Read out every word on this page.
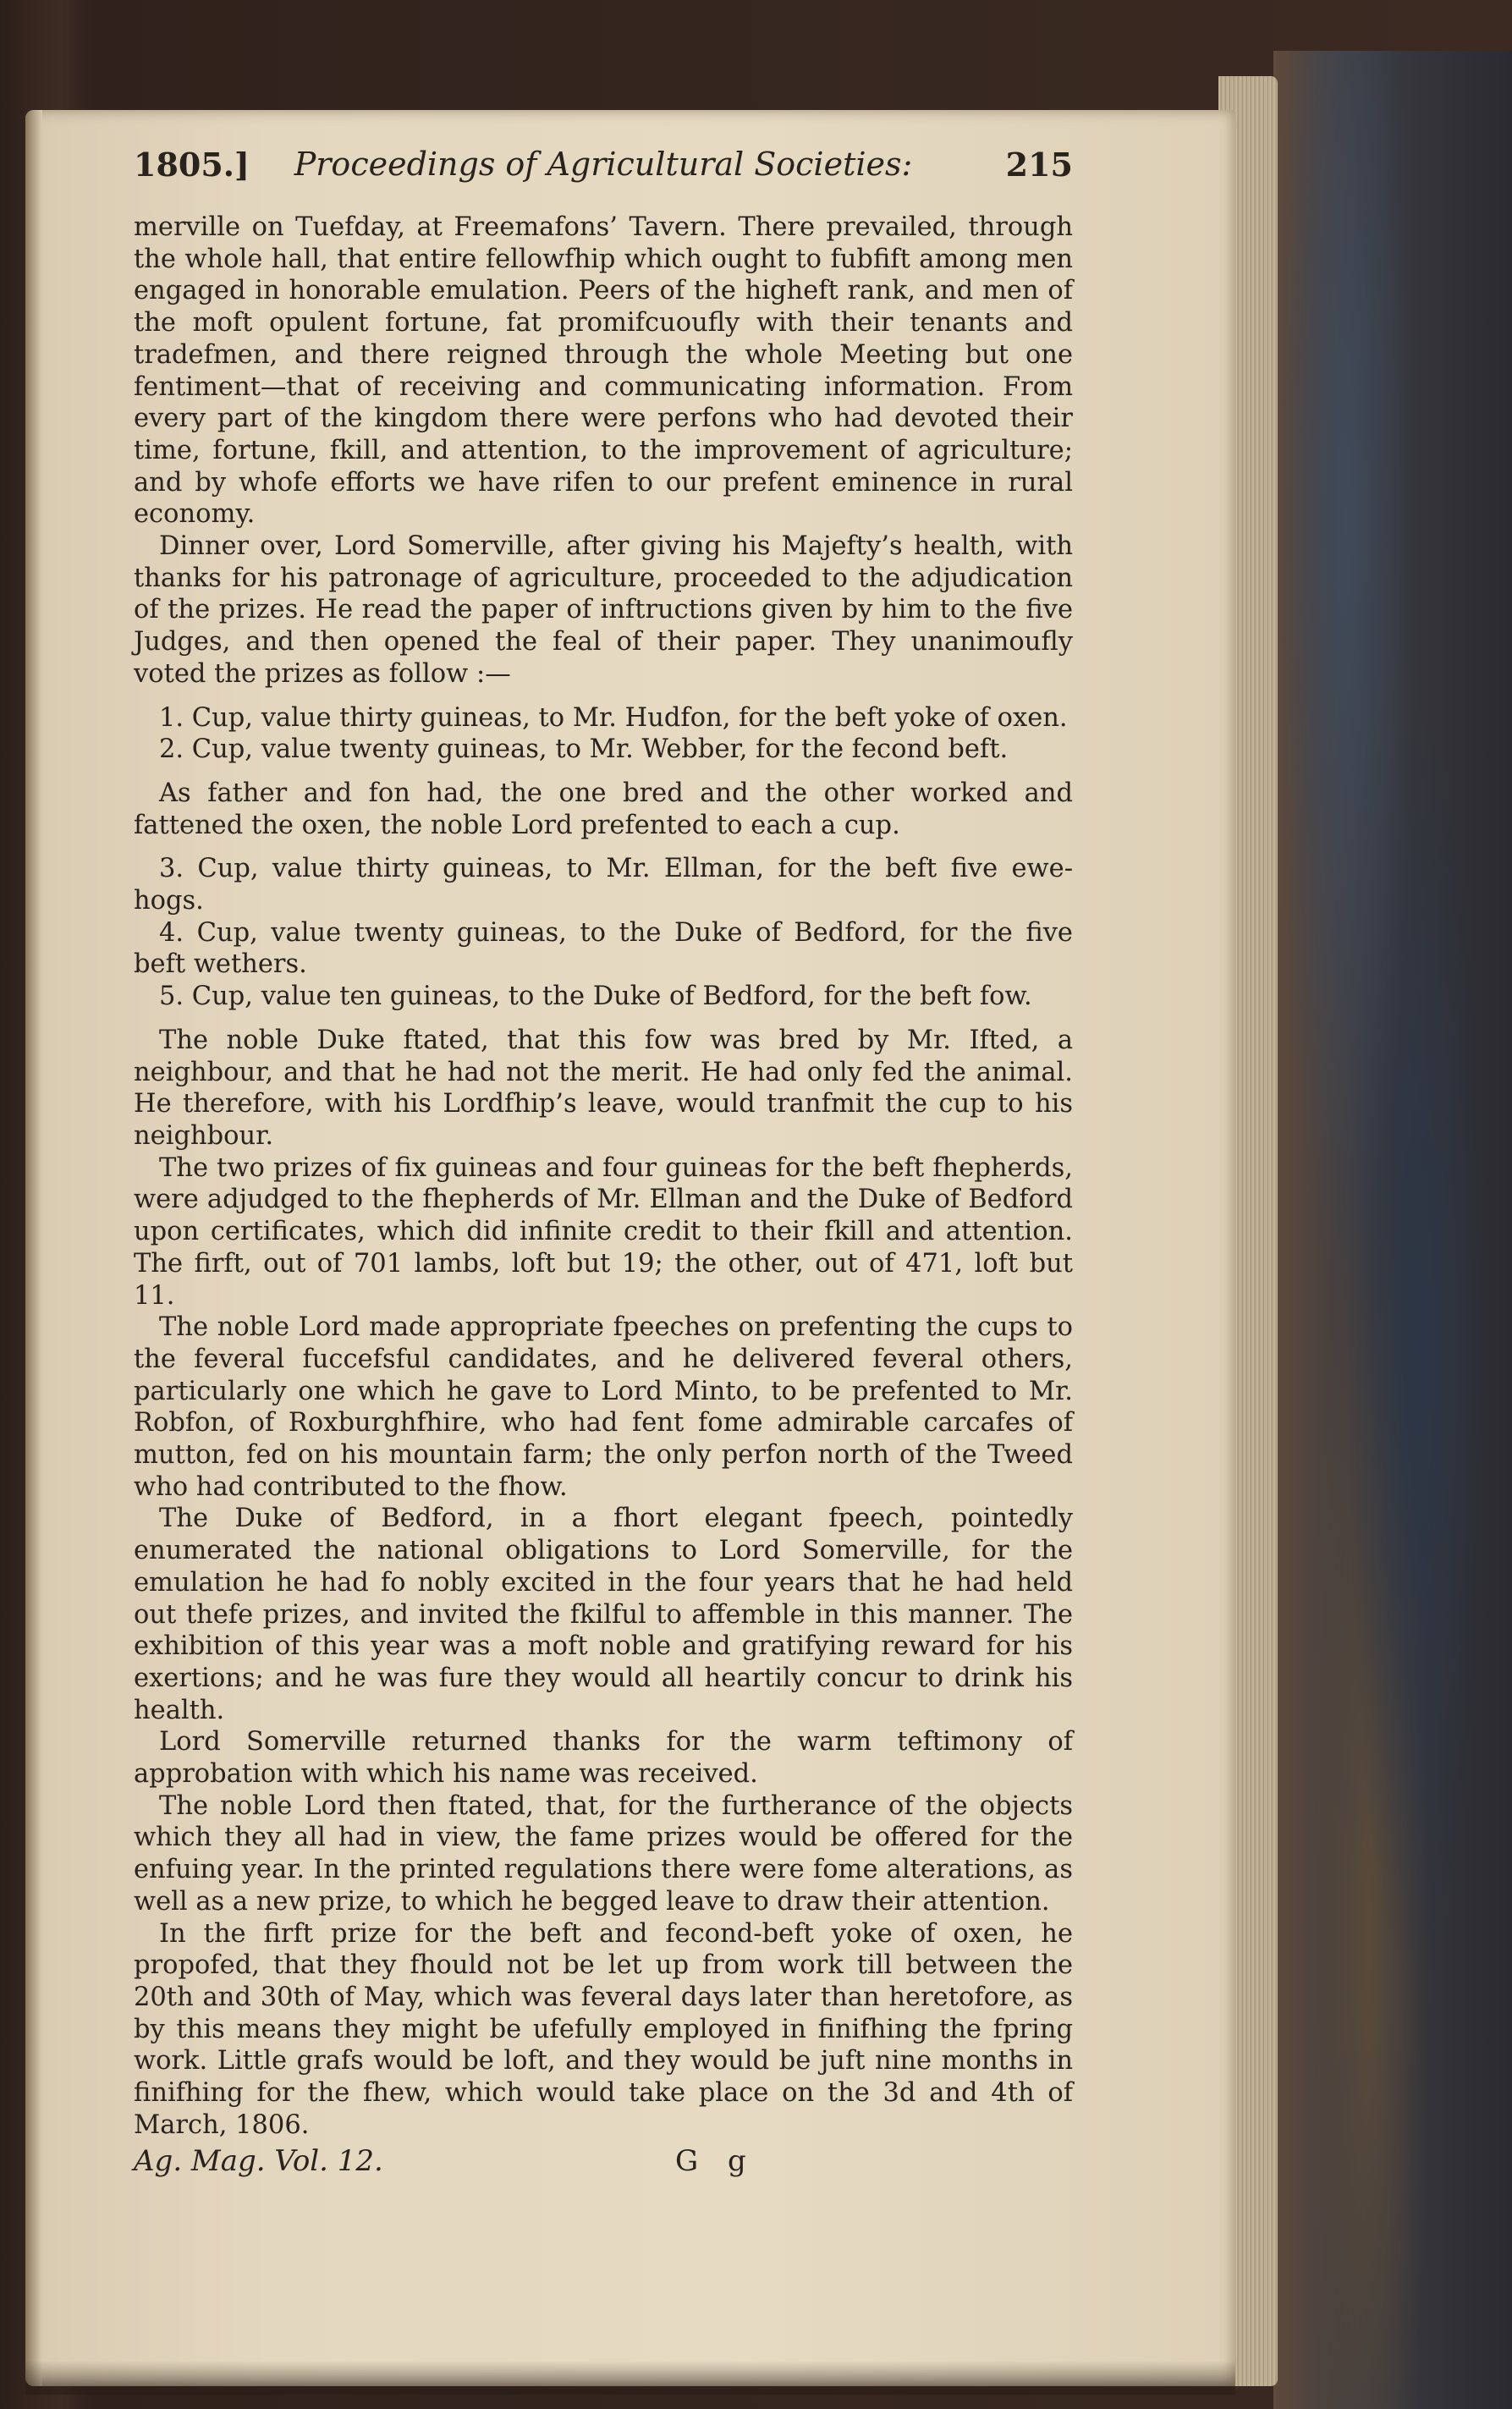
1805.]	Proceedings of Agricultural Societies:	215

merville on Tuefday, at Freemafons’ Tavern. There prevailed, through the whole hall, that entire fellowfhip which ought to fubfift among men engaged in honorable emulation. Peers of the higheft rank, and men of the moft opulent fortune, fat promifcuoufly with their tenants and tradefmen, and there reigned through the whole Meeting but one fentiment—that of receiving and communicating information. From every part of the kingdom there were perfons who had devoted their time, fortune, fkill, and attention, to the improvement of agriculture; and by whofe efforts we have rifen to our prefent eminence in rural economy.

Dinner over, Lord Somerville, after giving his Majefty’s health, with thanks for his patronage of agriculture, proceeded to the adjudication of the prizes. He read the paper of inftructions given by him to the five Judges, and then opened the feal of their paper. They unanimoufly voted the prizes as follow :—

1. Cup, value thirty guineas, to Mr. Hudfon, for the beft yoke of oxen.
2. Cup, value twenty guineas, to Mr. Webber, for the fecond beft.

As father and fon had, the one bred and the other worked and fattened the oxen, the noble Lord prefented to each a cup.

3. Cup, value thirty guineas, to Mr. Ellman, for the beft five ewe-hogs.
4. Cup, value twenty guineas, to the Duke of Bedford, for the five beft wethers.
5. Cup, value ten guineas, to the Duke of Bedford, for the beft fow.

The noble Duke ftated, that this fow was bred by Mr. Ifted, a neighbour, and that he had not the merit. He had only fed the animal. He therefore, with his Lordfhip’s leave, would tranfmit the cup to his neighbour.

The two prizes of fix guineas and four guineas for the beft fhepherds, were adjudged to the fhepherds of Mr. Ellman and the Duke of Bedford upon certificates, which did infinite credit to their fkill and attention. The firft, out of 701 lambs, loft but 19; the other, out of 471, loft but 11.

The noble Lord made appropriate fpeeches on prefenting the cups to the feveral fuccefsful candidates, and he delivered feveral others, particularly one which he gave to Lord Minto, to be prefented to Mr. Robfon, of Roxburghfhire, who had fent fome admirable carcafes of mutton, fed on his mountain farm; the only perfon north of the Tweed who had contributed to the fhow.

The Duke of Bedford, in a fhort elegant fpeech, pointedly enumerated the national obligations to Lord Somerville, for the emulation he had fo nobly excited in the four years that he had held out thefe prizes, and invited the fkilful to affemble in this manner. The exhibition of this year was a moft noble and gratifying reward for his exertions; and he was fure they would all heartily concur to drink his health.

Lord Somerville returned thanks for the warm teftimony of approbation with which his name was received.

The noble Lord then ftated, that, for the furtherance of the objects which they all had in view, the fame prizes would be offered for the enfuing year. In the printed regulations there were fome alterations, as well as a new prize, to which he begged leave to draw their attention.

In the firft prize for the beft and fecond-beft yoke of oxen, he propofed, that they fhould not be let up from work till between the 20th and 30th of May, which was feveral days later than heretofore, as by this means they might be ufefully employed in finifhing the fpring work. Little grafs would be loft, and they would be juft nine months in finifhing for the fhew, which would take place on the 3d and 4th of March, 1806.

Ag. Mag. Vol. 12.	G g
